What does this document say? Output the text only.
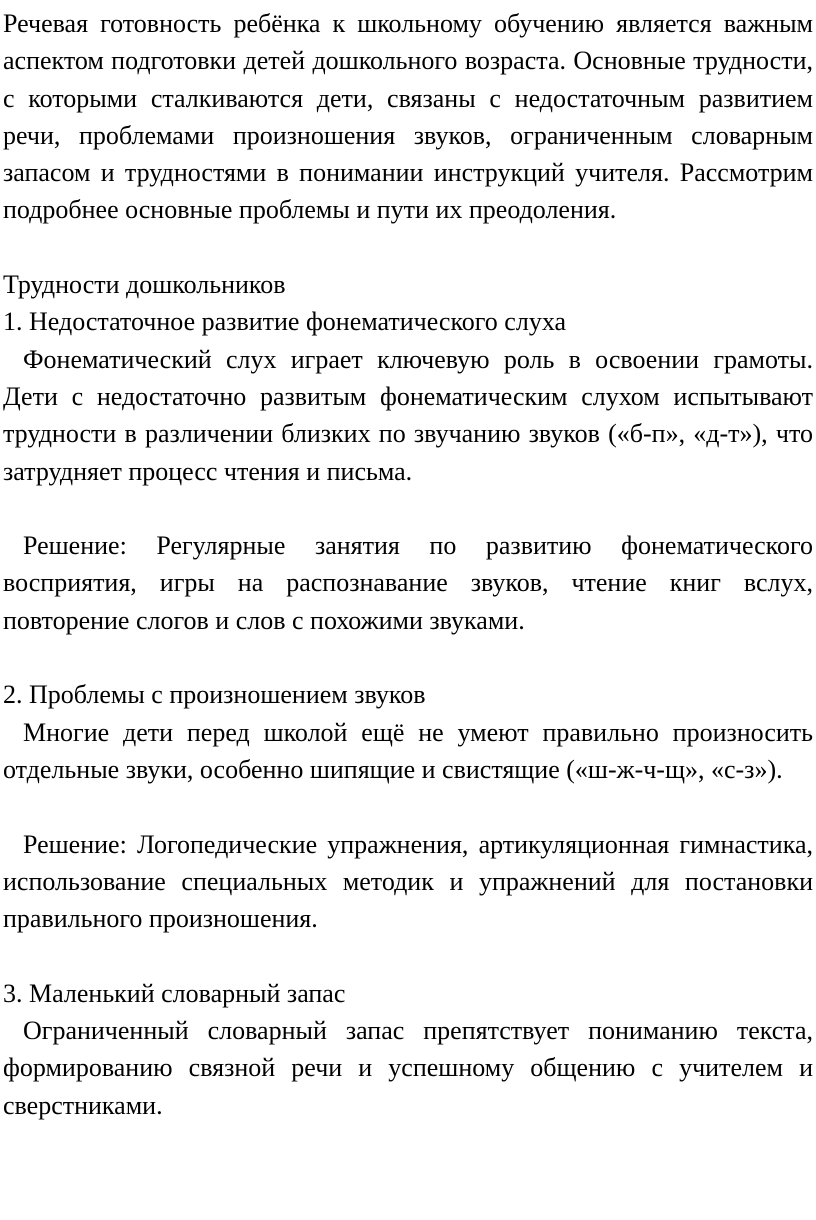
Речевая готовность ребёнка к школьному обучению является важным аспектом подготовки детей дошкольного возраста. Основные трудности, с которыми сталкиваются дети, связаны с недостаточным развитием речи, проблемами произношения звуков, ограниченным словарным запасом и трудностями в понимании инструкций учителя. Рассмотрим подробнее основные проблемы и пути их преодоления.

Трудности дошкольников

1. Недостаточное развитие фонематического слуха

Фонематический слух играет ключевую роль в освоении грамоты. Дети с недостаточно развитым фонематическим слухом испытывают трудности в различении близких по звучанию звуков («б-п», «д-т»), что затрудняет процесс чтения и письма.

Решение: Регулярные занятия по развитию фонематического восприятия, игры на распознавание звуков, чтение книг вслух, повторение слогов и слов с похожими звуками.

2. Проблемы с произношением звуков

Многие дети перед школой ещё не умеют правильно произносить отдельные звуки, особенно шипящие и свистящие («ш-ж-ч-щ», «с-з»).

Решение: Логопедические упражнения, артикуляционная гимнастика, использование специальных методик и упражнений для постановки правильного произношения.

3. Маленький словарный запас

Ограниченный словарный запас препятствует пониманию текста, формированию связной речи и успешному общению с учителем и сверстниками.
